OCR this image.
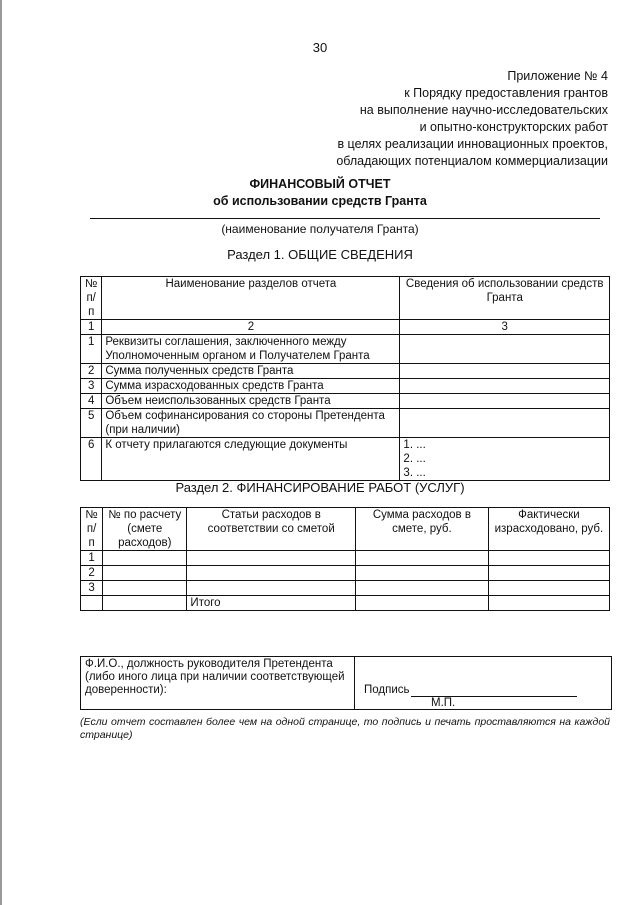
30
Приложение № 4
к Порядку предоставления грантов
на выполнение научно-исследовательских
и опытно-конструкторских работ
в целях реализации инновационных проектов,
обладающих потенциалом коммерциализации
ФИНАНСОВЫЙ ОТЧЕТ
об использовании средств Гранта
(наименование получателя Гранта)
Раздел 1. ОБЩИЕ СВЕДЕНИЯ
№ п/п	Наименование разделов отчета	Сведения об использовании средств Гранта
1	2	3
1	Реквизиты соглашения, заключенного между Уполномоченным органом и Получателем Гранта	
2	Сумма полученных средств Гранта	
3	Сумма израсходованных средств Гранта	
4	Объем неиспользованных средств Гранта	
5	Объем софинансирования со стороны Претендента (при наличии)	
6	К отчету прилагаются следующие документы	1. ...
2. ...
3. ...
Раздел 2. ФИНАНСИРОВАНИЕ РАБОТ (УСЛУГ)
№ п/п	№ по расчету (смете расходов)	Статьи расходов в соответствии со сметой	Сумма расходов в смете, руб.	Фактически израсходовано, руб.
1				
2				
3				
		Итого		
Ф.И.О., должность руководителя Претендента (либо иного лица при наличии соответствующей доверенности):	Подпись
М.П.
(Если отчет составлен более чем на одной странице, то подпись и печать проставляются на каждой странице)
